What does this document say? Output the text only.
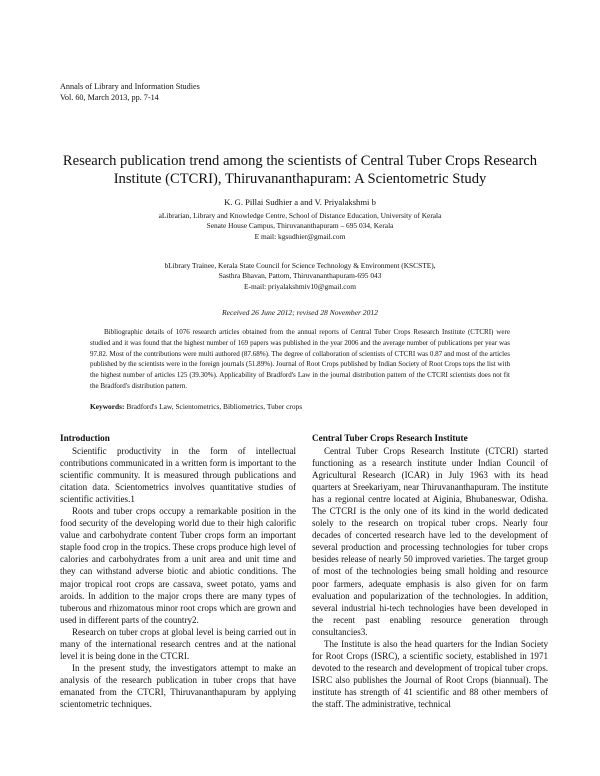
Annals of Library and Information Studies
Vol. 60, March 2013, pp. 7-14
Research publication trend among the scientists of Central Tuber Crops Research Institute (CTCRI), Thiruvananthapuram: A Scientometric Study
K. G. Pillai Sudhier a and V. Priyalakshmi b
aLibrarian, Library and Knowledge Centre, School of Distance Education, University of Kerala
Senate House Campus, Thiruvananthapuram – 695 034, Kerala
E mail: kgsudhier@gmail.com
bLibrary Trainee, Kerala State Council for Science Technology & Environment (KSCSTE),
Sasthra Bhavan, Pattom, Thiruvananthapuram-695 043
E-mail: priyalakshmiv10@gmail.com
Received 26 June 2012; revised 28 November 2012
Bibliographic details of 1076 research articles obtained from the annual reports of Central Tuber Crops Research Institute (CTCRI) were studied and it was found that the highest number of 169 papers was published in the year 2006 and the average number of publications per year was 97.82. Most of the contributions were multi authored (87.68%). The degree of collaboration of scientists of CTCRI was 0.87 and most of the articles published by the scientists were in the foreign journals (51.89%). Journal of Root Crops published by Indian Society of Root Crops tops the list with the highest number of articles 125 (39.30%). Applicability of Bradford's Law in the journal distribution pattern of the CTCRI scientists does not fit the Bradford's distribution pattern.
Keywords: Bradford's Law, Scientometrics, Bibliometrics, Tuber crops
Introduction

Scientific productivity in the form of intellectual contributions communicated in a written form is important to the scientific community. It is measured through publications and citation data. Scientometrics involves quantitative studies of scientific activities.1

Roots and tuber crops occupy a remarkable position in the food security of the developing world due to their high calorific value and carbohydrate content Tuber crops form an important staple food crop in the tropics. These crops produce high level of calories and carbohydrates from a unit area and unit time and they can withstand adverse biotic and abiotic conditions. The major tropical root crops are cassava, sweet potato, yams and aroids. In addition to the major crops there are many types of tuberous and rhizomatous minor root crops which are grown and used in different parts of the country2.

Research on tuber crops at global level is being carried out in many of the international research centres and at the national level it is being done in the CTCRI.

In the present study, the investigators attempt to make an analysis of the research publication in tuber crops that have emanated from the CTCRI, Thiruvananthapuram by applying scientometric techniques.

Central Tuber Crops Research Institute

Central Tuber Crops Research Institute (CTCRI) started functioning as a research institute under Indian Council of Agricultural Research (ICAR) in July 1963 with its head quarters at Sreekariyam, near Thiruvananthapuram. The institute has a regional centre located at Aiginia, Bhubaneswar, Odisha. The CTCRI is the only one of its kind in the world dedicated solely to the research on tropical tuber crops. Nearly four decades of concerted research have led to the development of several production and processing technologies for tuber crops besides release of nearly 50 improved varieties. The target group of most of the technologies being small holding and resource poor farmers, adequate emphasis is also given for on farm evaluation and popularization of the technologies. In addition, several industrial hi-tech technologies have been developed in the recent past enabling resource generation through consultancies3.

The Institute is also the head quarters for the Indian Society for Root Crops (ISRC), a scientific society, established in 1971 devoted to the research and development of tropical tuber crops. ISRC also publishes the Journal of Root Crops (biannual). The institute has strength of 41 scientific and 88 other members of the staff. The administrative, technical
